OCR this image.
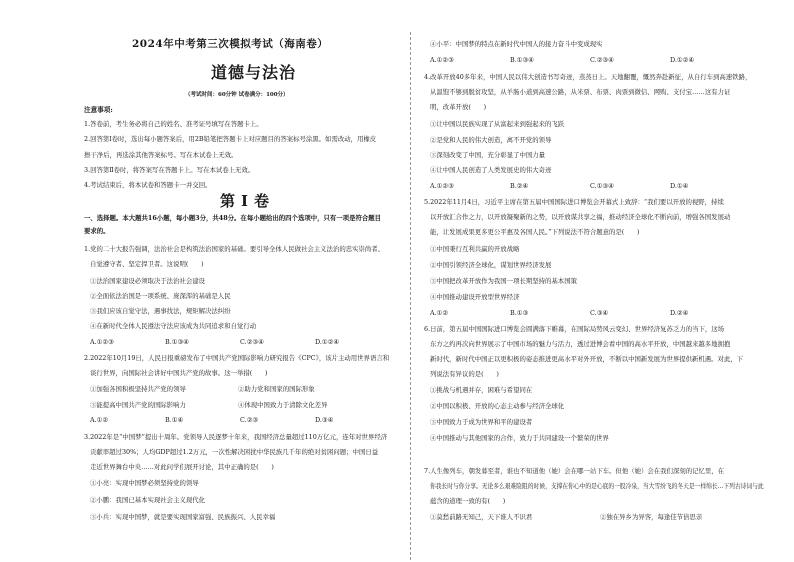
2024年中考第三次模拟考试（海南卷）
道德与法治
（考试时间：60分钟 试卷满分：100分）
注意事项:
1.答卷前，考生务必将自己的姓名、准考证号填写在答题卡上。
2.回答第Ⅰ卷时，选出每小题答案后，用2B铅笔把答题卡上对应题目的答案标号涂黑。如需改动，用橡皮
擦干净后，再选涂其他答案标号。写在本试卷上无效。
3.回答第Ⅱ卷时，将答案写在答题卡上。写在本试卷上无效。
4.考试结束后，将本试卷和答题卡一并交回。
第Ⅰ卷
一、选择题。本大题共16小题，每小题3分，共48分。在每小题给出的四个选项中，只有一项是符合题目
要求的。
1.党的二十大报告强调，法治社会是构筑法治国家的基础。要引导全体人民做社会主义法治的忠实崇尚者、
自觉遵守者、坚定捍卫者。这说明(　　)
①法治国家建设必须取决于法治社会建设
②全面依法治国是一项系统、庞深浑的基础是人民
③我们应该自觉守法，遇事找法，规矩解决法纠纷
④在新时代全体人民遵法守法应该成为共同追求和自觉行动
A.①②③	B.①③④	C.②③④	D.①②④
2.2022年10月19日，人民日报重磅发布了中国共产党国际影响力研究报告《CPC》，该片主动用世界语言和
谈行世界，向国际社会讲好中国共产党的故事。这一举措(　　)
①加强各国积极坚持共产党的领导	②助力党和国家的国际形象
③能提高中国共产党的国际影响力	④体现中国致力于清除文化差异
A.①②	B.①④	C.②③	D.③④
3.2022年是“中国梦”提出十周年。党领导人民逐梦十年来，我国经济总量超过110万亿元，连年对世界经济
贡献率超过30%；人均GDP超过1.2万元，一次性解决困扰中华民族几千年的绝对贫困问题；中国日益
走近世界舞台中央……对此问学们展开讨论，其中正确的是(　　)
①小亮：实现中国梦必须坚持党的领导
②小鹏：我国已基本实现社会主义现代化
③小兵：实现中国梦，就是要实现国家富强、民族振兴、人民幸福
④小平：中国梦的特点在新时代中国人的接力奋斗中变成现实
A.①②③	B.①③④	C.②③④	D.①②④
4.改革开放40多年来，中国人民以伟大创造书写奇迹，蒸蒸日上。天地翻覆，慨然奔赴新征，从自行车到高速铁路，
从温饱不够到脱贫攻坚，从羊肠小道到高速公路，从米票、布票、肉票到微信、网购、支付宝……这有力证
明，改革开放(　　)
①让中国以民族实现了从富起来到强起来的飞跃
②是党和人民的伟大创造，离不开党的领导
③深刻改变了中国，充分彰显了中国力量
④让中国人民创造了人类发展史的伟大奇迹
A.①②③	B.②④	C.①③④	D.①④
5.2022年11月4日，习近平主席在第五届中国国际进口博览会开幕式上致辞：“我们要以开放的视野，持续
以开放汇合作之力，以开放凝聚新的之势，以开放谋共享之福，推动经济全球化不断向前，增强各国发展动
能，让发展成果更多更公平惠及各国人民。”下列说法不符合题意的是(　　)
①中国秉行互利共赢的开放战略
②中国引领经济全球化，谋划世界经济发展
③中国把改革开放作为我国一项长期坚持的基本国策
④中国推动建设开放型世界经济
A.①②	B.①③	C.③④	D.②④
6.日前，第五届中国国际进口博览会圆满落下帷幕，在国际局势风云变幻、世界经济复苏乏力的当下，这场
东方之约再次向世界展示了中国市场的魅力与活力，透过进博会看中国的高水平开放，中国越来越多地拥抱
新时代，新时代中国正以更积极的姿态推进更高水平对外开放，不断以中国新发展为世界提供新机遇。对此，下
列说法有异议的是(　　)
①挑战与机遇并存，困难与希望同在
②中国以积极、开放的心态主动参与经济全球化
③中国致力于成为世界和平的建设者
④中国推动与其他国家的合作，致力于共同建设一个繁荣的世界
7.人生像列车，朝发暮至者，谁也不知道他（她）会在哪一站下车。但他（她）会在我们深刻的记忆里，在
你我长时与你分享。无论多么艰难险阻的时候，支撑在你心中的是心底的一股冷泉，当大雪纷飞的冬天是一样绵长…下列古诗词与此
蕴含的道理一致的有(　　)
①莫愁前路无知己，天下谁人不识君	②独在异乡为异客，每逢佳节倍思亲
